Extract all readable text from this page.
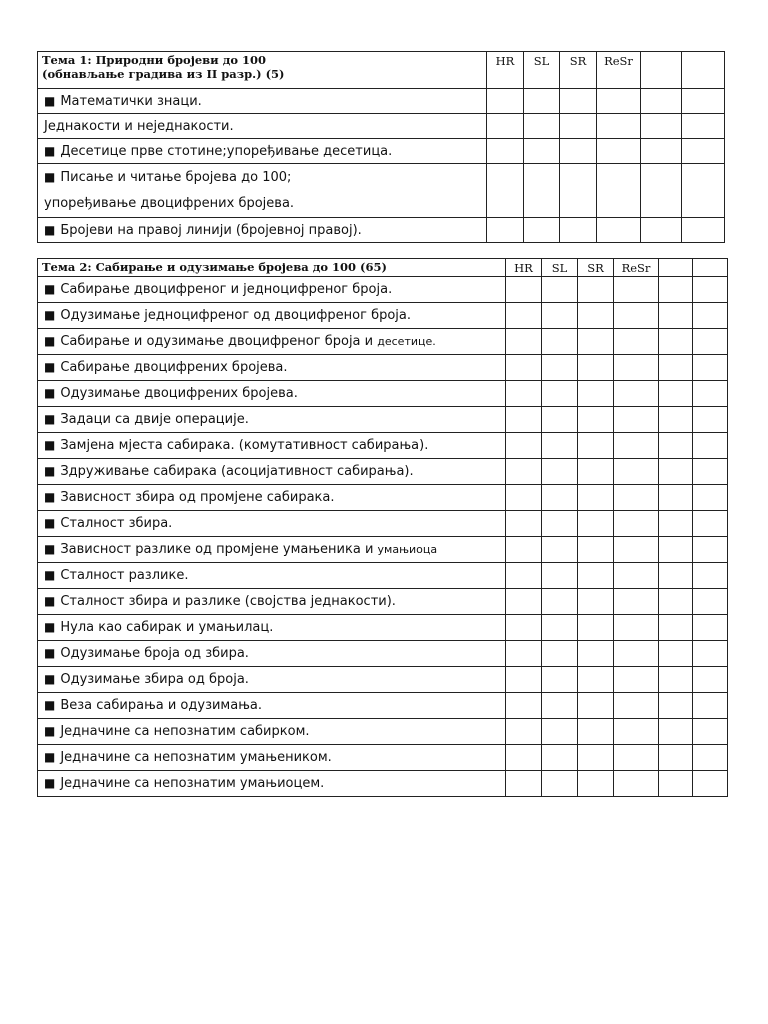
Тема 1: Природни бројеви до 100
(обнављање градива из II разр.) (5)	HR	SL	SR	ReSr		
■ Математички знаци.						
Једнакости и неједнакости.						
■ Десетице прве стотине;упоређивање десетица.						

■ Писање и читање бројева до 100;
упоређивање двоцифрених бројева.						

■ Бројеви на правој линији (бројевној правој).						
Тема 2: Сабирање и одузимање бројева до 100 (65)	HR	SL	SR	ReSr		
■ Сабирање двоцифреног и једноцифреног броја.						
■ Одузимање једноцифреног од двоцифреног броја.						
■ Сабирање и одузимање двоцифреног броја и десетице.						
■ Сабирање двоцифрених бројева.						
■ Одузимање двоцифрених бројева.						
■ Задаци са двије операције.						
■ Замјена мјеста сабирака. (комутативност сабирања).						
■ Здруживање сабирака (асоцијативност сабирања).						
■ Зависност збира од промјене сабирака.						
■ Сталност збира.						
■ Зависност разлике од промјене умањеника и умањиоца						
■ Сталност разлике.						
■ Сталност збира и разлике (својства једнакости).						
■ Нула као сабирак и умањилац.						
■ Одузимање броја од збира.						
■ Одузимање збира од броја.						
■ Веза сабирања и одузимања.						
■ Једначине са непознатим сабирком.						
■ Једначине са непознатим умањеником.						
■ Једначине са непознатим умањиоцем.						
